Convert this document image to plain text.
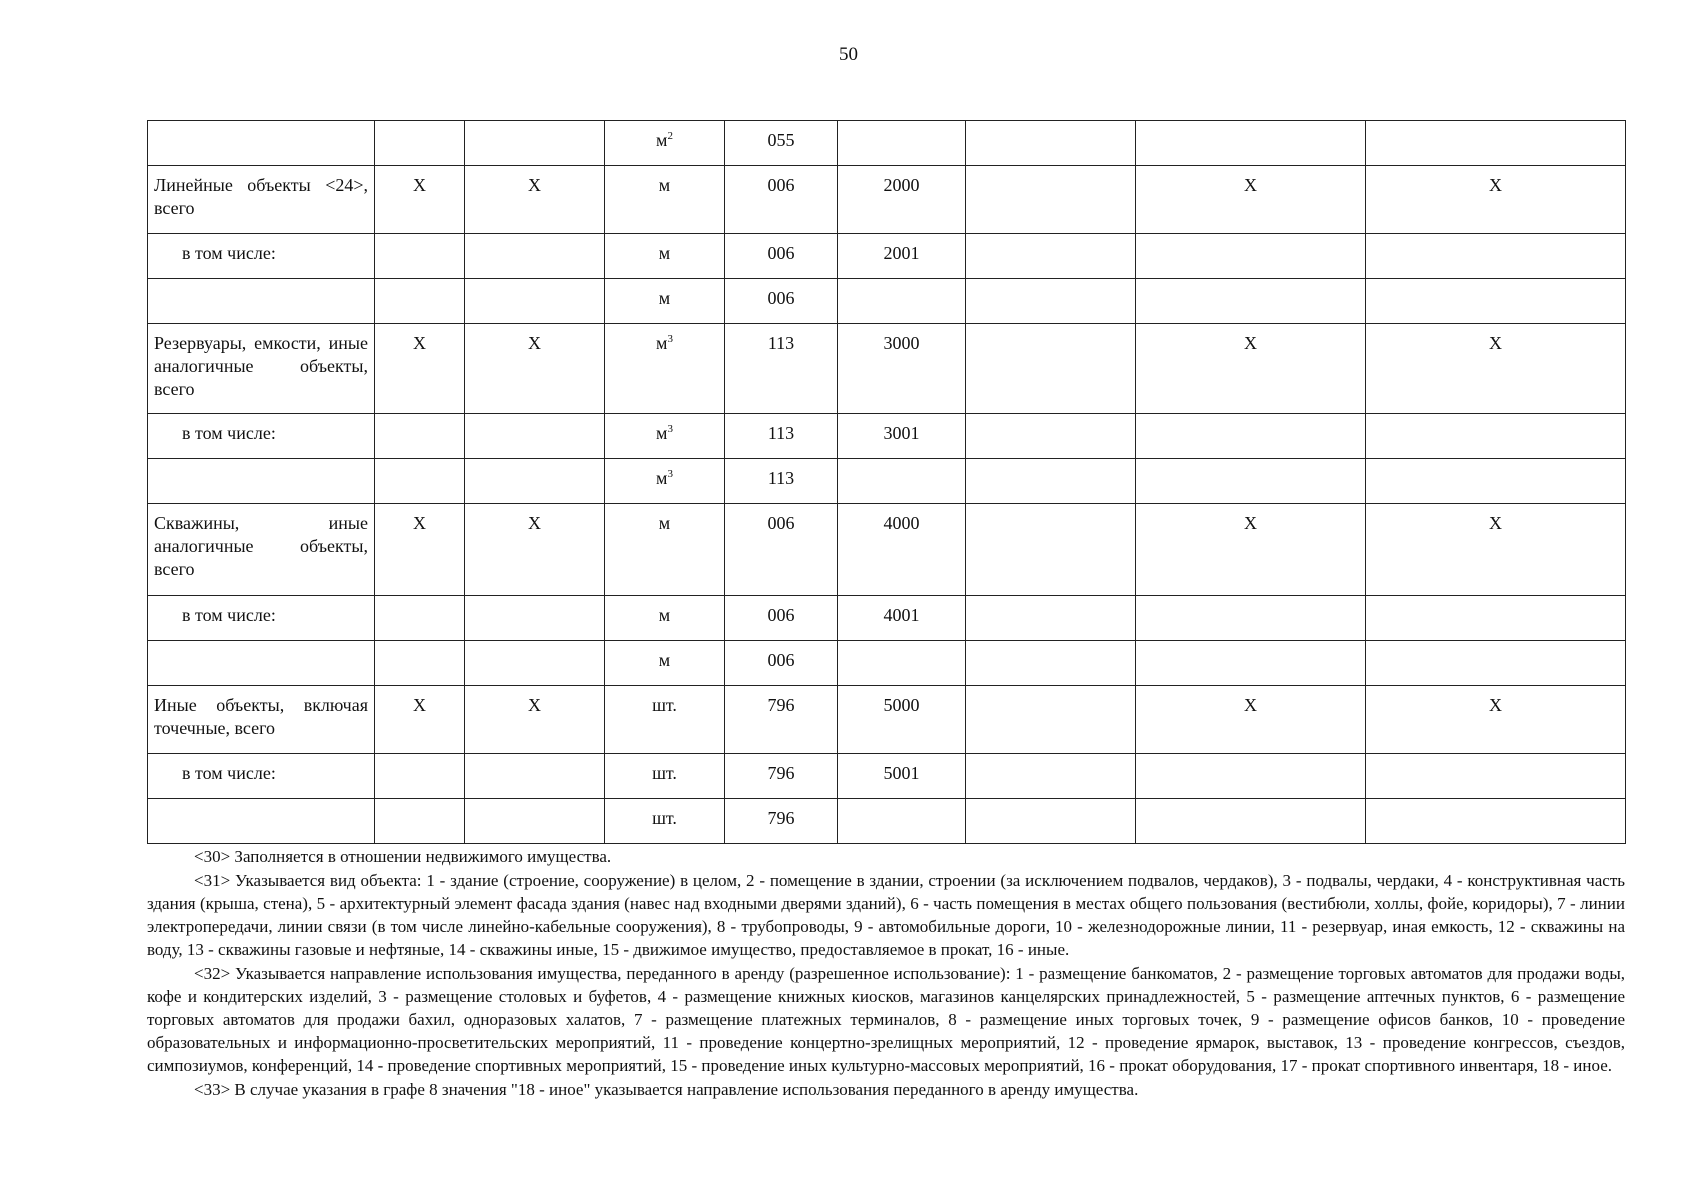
50
			$м^2$	055				
Линейные объекты <24>, всего	X	X	м	006	2000		X	X
в том числе:			м	006	2001			
			м	006				
Резервуары, емкости, иные аналогичные объекты, всего	X	X	$м^3$	113	3000		X	X
в том числе:			$м^3$	113	3001			
			$м^3$	113				
Скважины, иные аналогичные объекты, всего	X	X	м	006	4000		X	X
в том числе:			м	006	4001			
			м	006				
Иные объекты, включая точечные, всего	X	X	шт.	796	5000		X	X
в том числе:			шт.	796	5001			
			шт.	796				

<30> Заполняется в отношении недвижимого имущества.

<31> Указывается вид объекта: 1 - здание (строение, сооружение) в целом, 2 - помещение в здании, строении (за исключением подвалов, чердаков), 3 - подвалы, чердаки, 4 - конструктивная часть здания (крыша, стена), 5 - архитектурный элемент фасада здания (навес над входными дверями зданий), 6 - часть помещения в местах общего пользования (вестибюли, холлы, фойе, коридоры), 7 - линии электропередачи, линии связи (в том числе линейно-кабельные сооружения), 8 - трубопроводы, 9 - автомобильные дороги, 10 - железнодорожные линии, 11 - резервуар, иная емкость, 12 - скважины на воду, 13 - скважины газовые и нефтяные, 14 - скважины иные, 15 - движимое имущество, предоставляемое в прокат, 16 - иные.

<32> Указывается направление использования имущества, переданного в аренду (разрешенное использование): 1 - размещение банкоматов, 2 - размещение торговых автоматов для продажи воды, кофе и кондитерских изделий, 3 - размещение столовых и буфетов, 4 - размещение книжных киосков, магазинов канцелярских принадлежностей, 5 - размещение аптечных пунктов, 6 - размещение торговых автоматов для продажи бахил, одноразовых халатов, 7 - размещение платежных терминалов, 8 - размещение иных торговых точек, 9 - размещение офисов банков, 10 - проведение образовательных и информационно-просветительских мероприятий, 11 - проведение концертно-зрелищных мероприятий, 12 - проведение ярмарок, выставок, 13 - проведение конгрессов, съездов, симпозиумов, конференций, 14 - проведение спортивных мероприятий, 15 - проведение иных культурно-массовых мероприятий, 16 - прокат оборудования, 17 - прокат спортивного инвентаря, 18 - иное.

<33> В случае указания в графе 8 значения "18 - иное" указывается направление использования переданного в аренду имущества.
